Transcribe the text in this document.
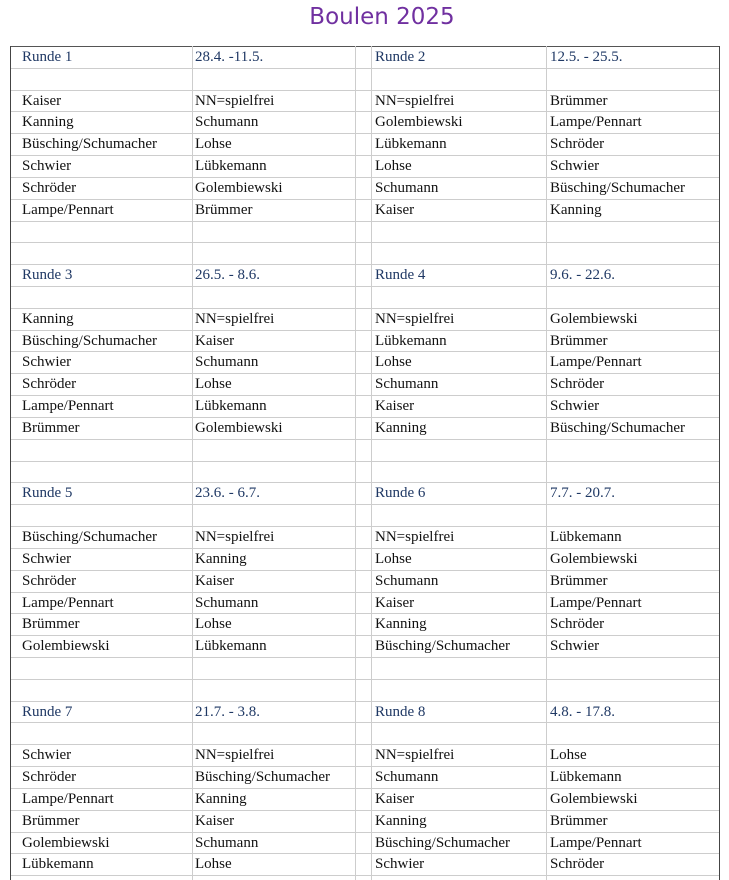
Boulen 2025
Runde 1	28.4. -11.5.
Kaiser	NN=spielfrei
Kanning	Schumann
Büsching/Schumacher	Lohse
Schwier	Lübkemann
Schröder	Golembiewski
Lampe/Pennart	Brümmer
Runde 2	12.5. - 25.5.
NN=spielfrei	Brümmer
Golembiewski	Lampe/Pennart
Lübkemann	Schröder
Lohse	Schwier
Schumann	Büsching/Schumacher
Kaiser	Kanning
Runde 3	26.5. - 8.6.
Kanning	NN=spielfrei
Büsching/Schumacher	Kaiser
Schwier	Schumann
Schröder	Lohse
Lampe/Pennart	Lübkemann
Brümmer	Golembiewski
Runde 4	9.6. - 22.6.
NN=spielfrei	Golembiewski
Lübkemann	Brümmer
Lohse	Lampe/Pennart
Schumann	Schröder
Kaiser	Schwier
Kanning	Büsching/Schumacher
Runde 5	23.6. - 6.7.
Büsching/Schumacher	NN=spielfrei
Schwier	Kanning
Schröder	Kaiser
Lampe/Pennart	Schumann
Brümmer	Lohse
Golembiewski	Lübkemann
Runde 6	7.7. - 20.7.
NN=spielfrei	Lübkemann
Lohse	Golembiewski
Schumann	Brümmer
Kaiser	Lampe/Pennart
Kanning	Schröder
Büsching/Schumacher	Schwier
Runde 7	21.7. - 3.8.
Schwier	NN=spielfrei
Schröder	Büsching/Schumacher
Lampe/Pennart	Kanning
Brümmer	Kaiser
Golembiewski	Schumann
Lübkemann	Lohse
Runde 8	4.8. - 17.8.
NN=spielfrei	Lohse
Schumann	Lübkemann
Kaiser	Golembiewski
Kanning	Brümmer
Büsching/Schumacher	Lampe/Pennart
Schwier	Schröder
